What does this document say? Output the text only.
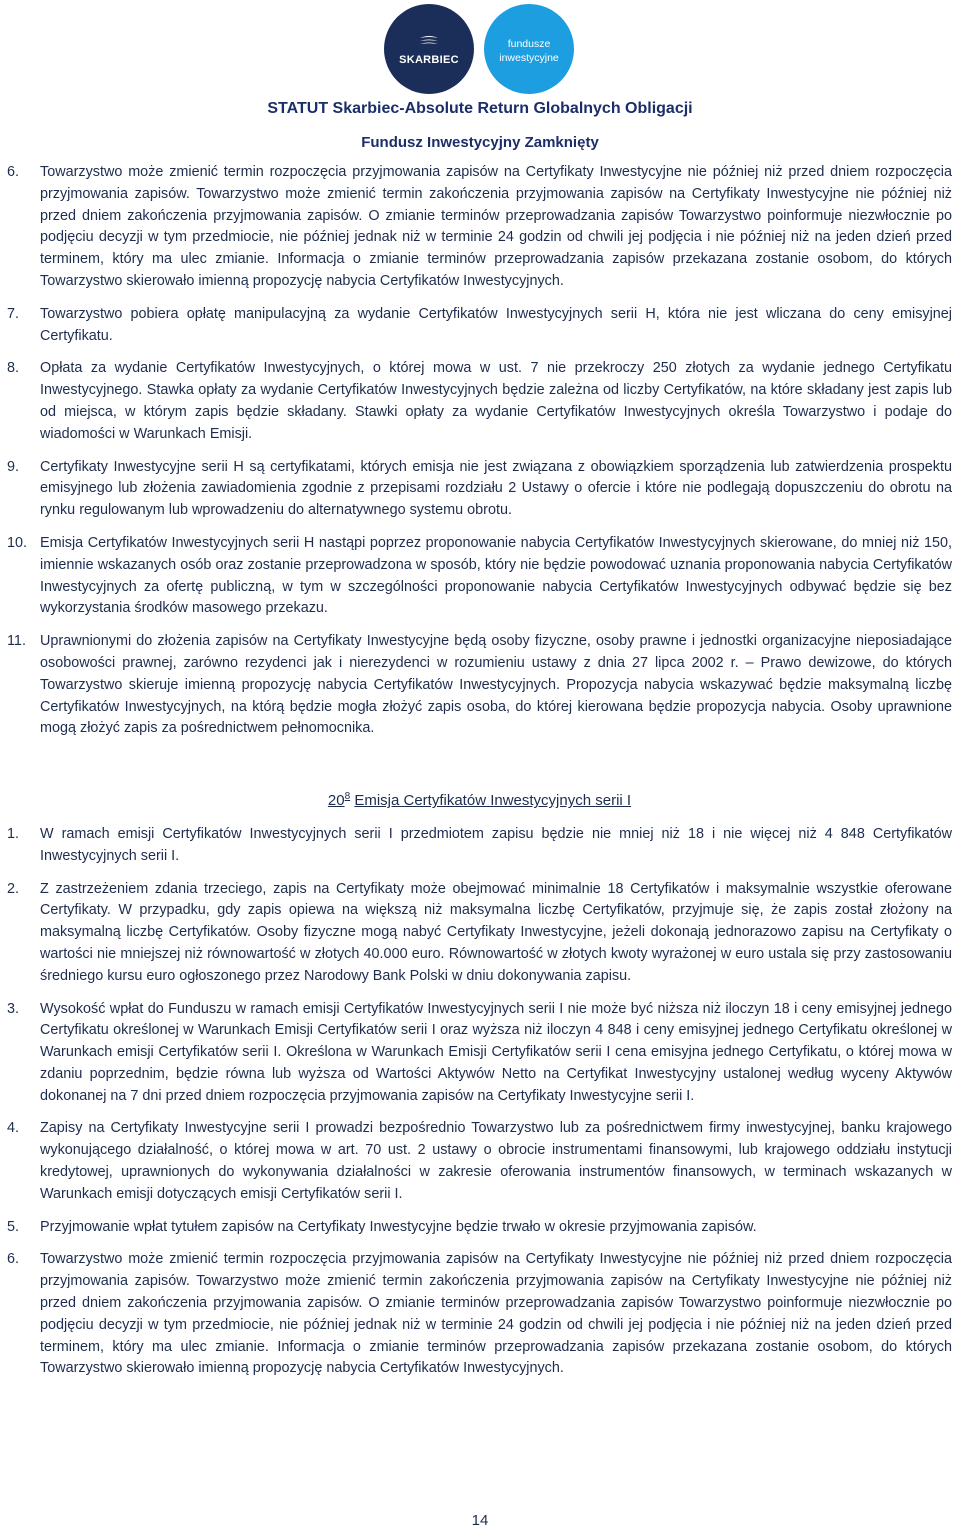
SKARBIEC
fundusze
inwestycyjne
STATUT Skarbiec-Absolute Return Globalnych Obligacji
Fundusz Inwestycyjny Zamknięty
6. Towarzystwo może zmienić termin rozpoczęcia przyjmowania zapisów na Certyfikaty Inwestycyjne nie później niż przed dniem rozpoczęcia przyjmowania zapisów. Towarzystwo może zmienić termin zakończenia przyjmowania zapisów na Certyfikaty Inwestycyjne nie później niż przed dniem zakończenia przyjmowania zapisów. O zmianie terminów przeprowadzania zapisów Towarzystwo poinformuje niezwłocznie po podjęciu decyzji w tym przedmiocie, nie później jednak niż w terminie 24 godzin od chwili jej podjęcia i nie później niż na jeden dzień przed terminem, który ma ulec zmianie. Informacja o zmianie terminów przeprowadzania zapisów przekazana zostanie osobom, do których Towarzystwo skierowało imienną propozycję nabycia Certyfikatów Inwestycyjnych.
7. Towarzystwo pobiera opłatę manipulacyjną za wydanie Certyfikatów Inwestycyjnych serii H, która nie jest wliczana do ceny emisyjnej Certyfikatu.
8. Opłata za wydanie Certyfikatów Inwestycyjnych, o której mowa w ust. 7 nie przekroczy 250 złotych za wydanie jednego Certyfikatu Inwestycyjnego. Stawka opłaty za wydanie Certyfikatów Inwestycyjnych będzie zależna od liczby Certyfikatów, na które składany jest zapis lub od miejsca, w którym zapis będzie składany. Stawki opłaty za wydanie Certyfikatów Inwestycyjnych określa Towarzystwo i podaje do wiadomości w Warunkach Emisji.
9. Certyfikaty Inwestycyjne serii H są certyfikatami, których emisja nie jest związana z obowiązkiem sporządzenia lub zatwierdzenia prospektu emisyjnego lub złożenia zawiadomienia zgodnie z przepisami rozdziału 2 Ustawy o ofercie i które nie podlegają dopuszczeniu do obrotu na rynku regulowanym lub wprowadzeniu do alternatywnego systemu obrotu.
10. Emisja Certyfikatów Inwestycyjnych serii H nastąpi poprzez proponowanie nabycia Certyfikatów Inwestycyjnych skierowane, do mniej niż 150, imiennie wskazanych osób oraz zostanie przeprowadzona w sposób, który nie będzie powodować uznania proponowania nabycia Certyfikatów Inwestycyjnych za ofertę publiczną, w tym w szczególności proponowanie nabycia Certyfikatów Inwestycyjnych odbywać będzie się bez wykorzystania środków masowego przekazu.
11. Uprawnionymi do złożenia zapisów na Certyfikaty Inwestycyjne będą osoby fizyczne, osoby prawne i jednostki organizacyjne nieposiadające osobowości prawnej, zarówno rezydenci jak i nierezydenci w rozumieniu ustawy z dnia 27 lipca 2002 r. – Prawo dewizowe, do których Towarzystwo skieruje imienną propozycję nabycia Certyfikatów Inwestycyjnych. Propozycja nabycia wskazywać będzie maksymalną liczbę Certyfikatów Inwestycyjnych, na którą będzie mogła złożyć zapis osoba, do której kierowana będzie propozycja nabycia. Osoby uprawnione mogą złożyć zapis za pośrednictwem pełnomocnika.
$20^8$ Emisja Certyfikatów Inwestycyjnych serii I
1. W ramach emisji Certyfikatów Inwestycyjnych serii I przedmiotem zapisu będzie nie mniej niż 18 i nie więcej niż 4 848 Certyfikatów Inwestycyjnych serii I.
2. Z zastrzeżeniem zdania trzeciego, zapis na Certyfikaty może obejmować minimalnie 18 Certyfikatów i maksymalnie wszystkie oferowane Certyfikaty. W przypadku, gdy zapis opiewa na większą niż maksymalna liczbę Certyfikatów, przyjmuje się, że zapis został złożony na maksymalną liczbę Certyfikatów. Osoby fizyczne mogą nabyć Certyfikaty Inwestycyjne, jeżeli dokonają jednorazowo zapisu na Certyfikaty o wartości nie mniejszej niż równowartość w złotych 40.000 euro. Równowartość w złotych kwoty wyrażonej w euro ustala się przy zastosowaniu średniego kursu euro ogłoszonego przez Narodowy Bank Polski w dniu dokonywania zapisu.
3. Wysokość wpłat do Funduszu w ramach emisji Certyfikatów Inwestycyjnych serii I nie może być niższa niż iloczyn 18 i ceny emisyjnej jednego Certyfikatu określonej w Warunkach Emisji Certyfikatów serii I oraz wyższa niż iloczyn 4 848 i ceny emisyjnej jednego Certyfikatu określonej w Warunkach emisji Certyfikatów serii I. Określona w Warunkach Emisji Certyfikatów serii I cena emisyjna jednego Certyfikatu, o której mowa w zdaniu poprzednim, będzie równa lub wyższa od Wartości Aktywów Netto na Certyfikat Inwestycyjny ustalonej według wyceny Aktywów dokonanej na 7 dni przed dniem rozpoczęcia przyjmowania zapisów na Certyfikaty Inwestycyjne serii I.
4. Zapisy na Certyfikaty Inwestycyjne serii I prowadzi bezpośrednio Towarzystwo lub za pośrednictwem firmy inwestycyjnej, banku krajowego wykonującego działalność, o której mowa w art. 70 ust. 2 ustawy o obrocie instrumentami finansowymi, lub krajowego oddziału instytucji kredytowej, uprawnionych do wykonywania działalności w zakresie oferowania instrumentów finansowych, w terminach wskazanych w Warunkach emisji dotyczących emisji Certyfikatów serii I.
5. Przyjmowanie wpłat tytułem zapisów na Certyfikaty Inwestycyjne będzie trwało w okresie przyjmowania zapisów.
6. Towarzystwo może zmienić termin rozpoczęcia przyjmowania zapisów na Certyfikaty Inwestycyjne nie później niż przed dniem rozpoczęcia przyjmowania zapisów. Towarzystwo może zmienić termin zakończenia przyjmowania zapisów na Certyfikaty Inwestycyjne nie później niż przed dniem zakończenia przyjmowania zapisów. O zmianie terminów przeprowadzania zapisów Towarzystwo poinformuje niezwłocznie po podjęciu decyzji w tym przedmiocie, nie później jednak niż w terminie 24 godzin od chwili jej podjęcia i nie później niż na jeden dzień przed terminem, który ma ulec zmianie. Informacja o zmianie terminów przeprowadzania zapisów przekazana zostanie osobom, do których Towarzystwo skierowało imienną propozycję nabycia Certyfikatów Inwestycyjnych.
14
